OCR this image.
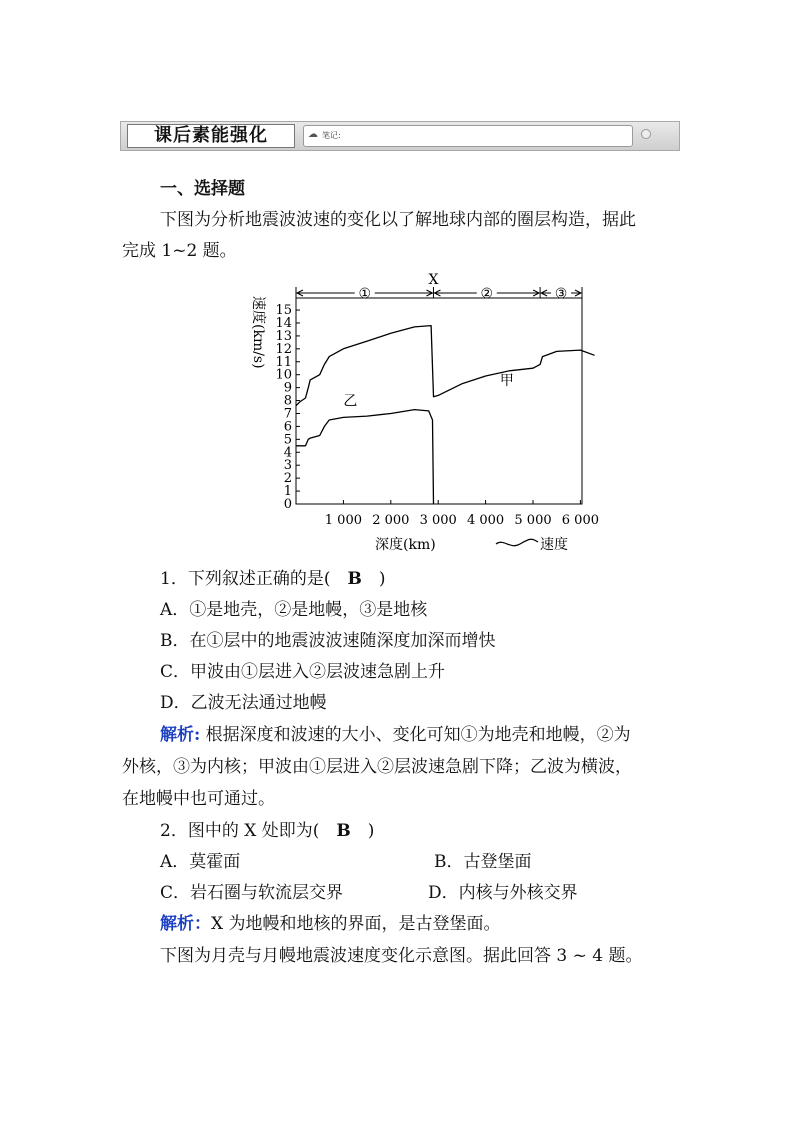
课后素能强化	☁ 笔记:
一、选择题
下图为分析地震波波速的变化以了解地球内部的圈层构造，据此
完成 1~2 题。
①
X
②	③
0
1
2
3
4
5
6
7
8
9
10
11
12
13
14
15
1 000 2 000 3 000 4 000 5 000 6 000
速度(km/s)
深度(km)	速度
甲
乙
1．下列叙述正确的是(　B　)
A．①是地壳，②是地幔，③是地核
B．在①层中的地震波波速随深度加深而增快
C．甲波由①层进入②层波速急剧上升
D．乙波无法通过地幔
解析: 根据深度和波速的大小、变化可知①为地壳和地幔，②为
外核，③为内核；甲波由①层进入②层波速急剧下降；乙波为横波，
在地幔中也可通过。
2．图中的 X 处即为(　B　)
A．莫霍面	B．古登堡面
C．岩石圈与软流层交界	D．内核与外核交界
解析：X 为地幔和地核的界面，是古登堡面。
下图为月壳与月幔地震波速度变化示意图。据此回答 3 ~ 4 题。
